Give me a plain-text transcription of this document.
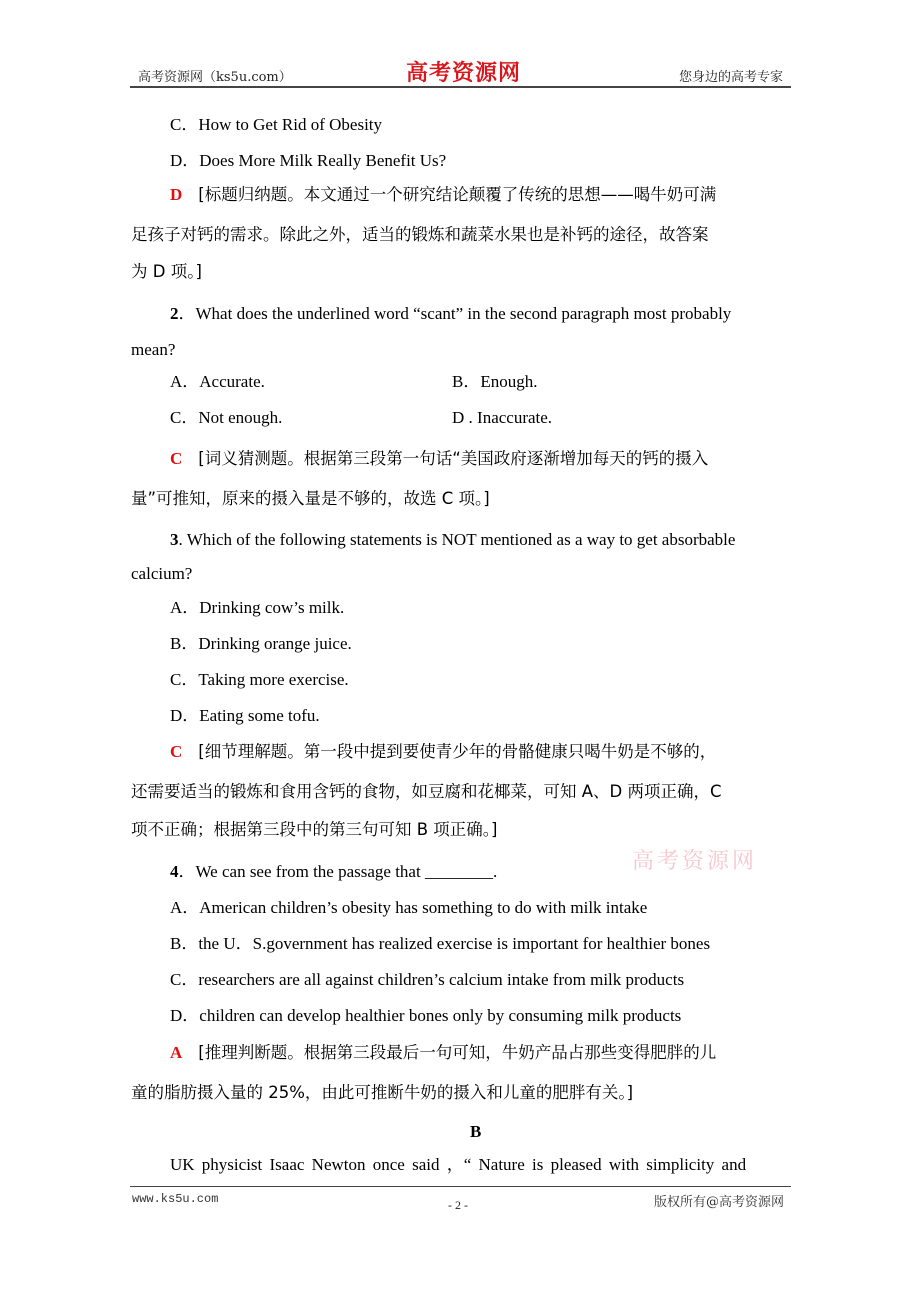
高考资源网（ks5u.com）	高考资源网	您身边的高考专家
C．How to Get Rid of Obesity
D．Does More Milk Really Benefit Us?
D [标题归纳题。本文通过一个研究结论颠覆了传统的思想——喝牛奶可满
足孩子对钙的需求。除此之外，适当的锻炼和蔬菜水果也是补钙的途径，故答案
为 D 项。]
2．What does the underlined word “scant” in the second paragraph most probably
mean?
A．Accurate.	B．Enough.
C．Not enough.	D . Inaccurate.
C [词义猜测题。根据第三段第一句话“美国政府逐渐增加每天的钙的摄入
量”可推知，原来的摄入量是不够的，故选 C 项。]
3. Which of the following statements is NOT mentioned as a way to get absorbable
calcium?
A．Drinking cow’s milk.
B．Drinking orange juice.
C．Taking more exercise.
D．Eating some tofu.
C [细节理解题。第一段中提到要使青少年的骨骼健康只喝牛奶是不够的，
还需要适当的锻炼和食用含钙的食物，如豆腐和花椰菜，可知 A、D 两项正确，C
项不正确；根据第三段中的第三句可知 B 项正确。]
高考资源网
4．We can see from the passage that ________.
A．American children’s obesity has something to do with milk intake
B．the U．S.government has realized exercise is important for healthier bones
C．researchers are all against children’s calcium intake from milk products
D．children can develop healthier bones only by consuming milk products
A [推理判断题。根据第三段最后一句可知，牛奶产品占那些变得肥胖的儿
童的脂肪摄入量的 25%，由此可推断牛奶的摄入和儿童的肥胖有关。]
B
UK physicist Isaac Newton once said ，“ Nature is pleased with simplicity and
www.ks5u.com	- 2 -	版权所有@高考资源网
